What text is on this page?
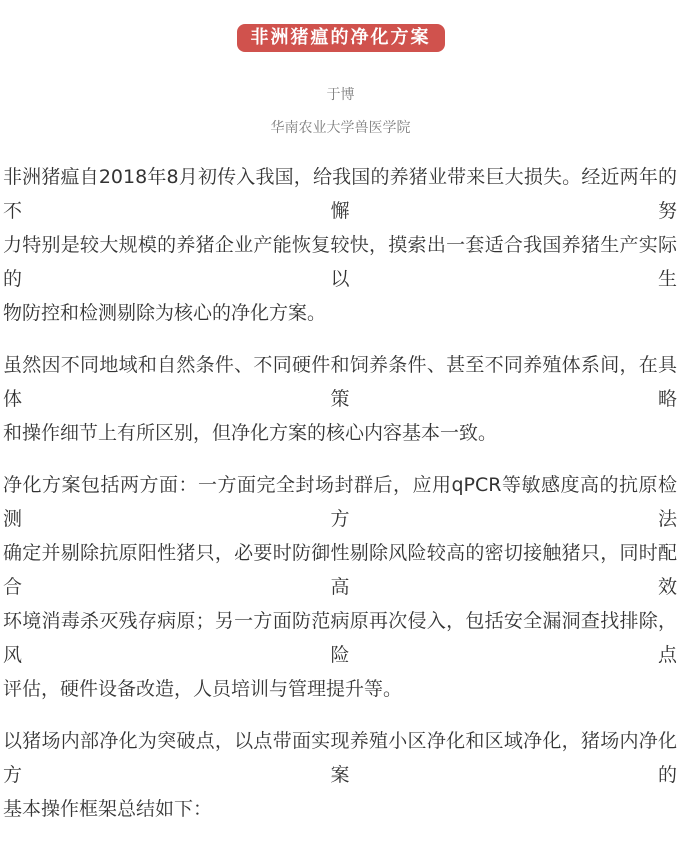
非洲猪瘟的净化方案
于博
华南农业大学兽医学院

非洲猪瘟自2018年8月初传入我国，给我国的养猪业带来巨大损失。经近两年的不懈努
力特别是较大规模的养猪企业产能恢复较快，摸索出一套适合我国养猪生产实际的以生
物防控和检测剔除为核心的净化方案。

虽然因不同地域和自然条件、不同硬件和饲养条件、甚至不同养殖体系间，在具体策略
和操作细节上有所区别，但净化方案的核心内容基本一致。

净化方案包括两方面：一方面完全封场封群后，应用qPCR等敏感度高的抗原检测方法
确定并剔除抗原阳性猪只，必要时防御性剔除风险较高的密切接触猪只，同时配合高效
环境消毒杀灭残存病原；另一方面防范病原再次侵入，包括安全漏洞查找排除，风险点
评估，硬件设备改造，人员培训与管理提升等。

以猪场内部净化为突破点，以点带面实现养殖小区净化和区域净化，猪场内净化方案的
基本操作框架总结如下：
